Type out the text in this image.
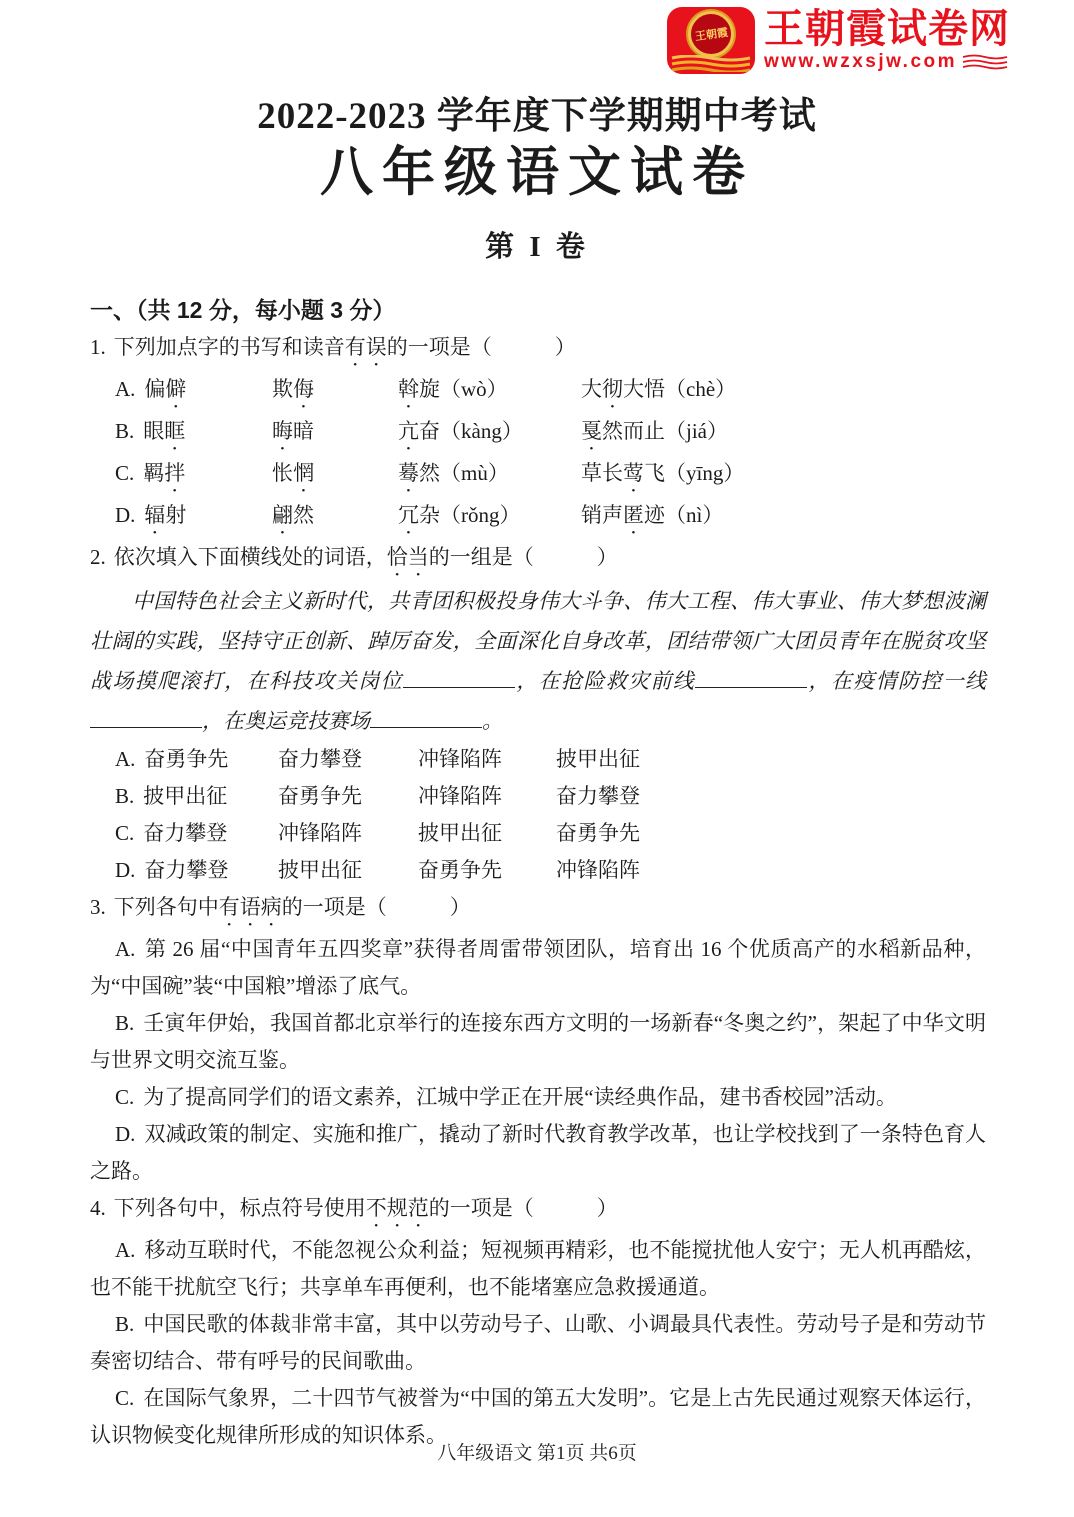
王朝霞 王朝霞试卷网
www.wzxsjw.com
2022-2023 学年度下学期期中考试
八年级语文试卷
第 I 卷

一、（共 12 分，每小题 3 分）

1. 下列加点字的书写和读音有误的一项是（　　　）

A. 偏僻	欺侮	斡旋（wò）	大彻大悟（chè）
B. 眼眶	晦暗	亢奋（kàng）	戛然而止（jiá）
C. 羁拌	怅惘	蓦然（mù）	草长莺飞（yīng）
D. 辐射	翩然	冗杂（rǒng）	销声匿迹（nì）

2. 依次填入下面横线处的词语，恰当的一组是（　　　）

中国特色社会主义新时代，共青团积极投身伟大斗争、伟大工程、伟大事业、伟大梦想波澜壮阔的实践，坚持守正创新、踔厉奋发，全面深化自身改革，团结带领广大团员青年在脱贫攻坚战场摸爬滚打，在科技攻关岗位	，在抢险救灾前线	，在疫情防控一线，在奥运竞技赛场	。

A. 奋勇争先	奋力攀登	冲锋陷阵	披甲出征
B. 披甲出征	奋勇争先	冲锋陷阵	奋力攀登
C. 奋力攀登	冲锋陷阵	披甲出征	奋勇争先
D. 奋力攀登	披甲出征	奋勇争先	冲锋陷阵

3. 下列各句中有语病的一项是（　　　）

A. 第 26 届“中国青年五四奖章”获得者周雷带领团队，培育出 16 个优质高产的水稻新品种，为“中国碗”装“中国粮”增添了底气。

B. 壬寅年伊始，我国首都北京举行的连接东西方文明的一场新春“冬奥之约”，架起了中华文明与世界文明交流互鉴。

C. 为了提高同学们的语文素养，江城中学正在开展“读经典作品，建书香校园”活动。

D. 双减政策的制定、实施和推广，撬动了新时代教育教学改革，也让学校找到了一条特色育人之路。

4. 下列各句中，标点符号使用不规范的一项是（　　　）

A. 移动互联时代，不能忽视公众利益；短视频再精彩，也不能搅扰他人安宁；无人机再酷炫，也不能干扰航空飞行；共享单车再便利，也不能堵塞应急救援通道。

B. 中国民歌的体裁非常丰富，其中以劳动号子、山歌、小调最具代表性。劳动号子是和劳动节奏密切结合、带有呼号的民间歌曲。

C. 在国际气象界，二十四节气被誉为“中国的第五大发明”。它是上古先民通过观察天体运行，认识物候变化规律所形成的知识体系。

八年级语文 第1页 共6页
